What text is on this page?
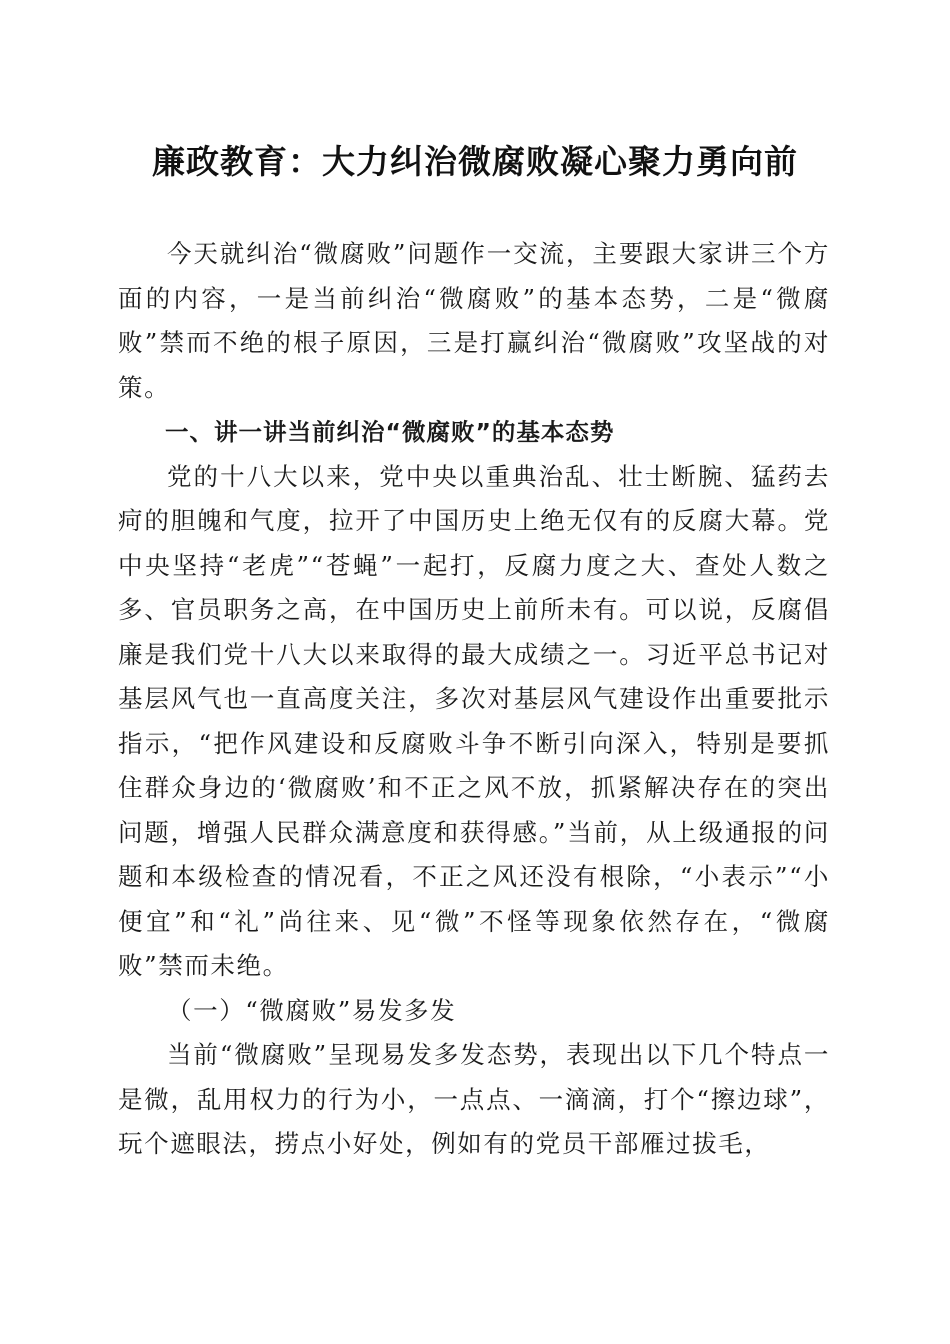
廉政教育：大力纠治微腐败凝心聚力勇向前

今天就纠治“微腐败”问题作一交流，主要跟大家讲三个方面的内容，一是当前纠治“微腐败”的基本态势，二是“微腐败”禁而不绝的根子原因，三是打赢纠治“微腐败”攻坚战的对策。

一、讲一讲当前纠治“微腐败”的基本态势

党的十八大以来，党中央以重典治乱、壮士断腕、猛药去疴的胆魄和气度，拉开了中国历史上绝无仅有的反腐大幕。党中央坚持“老虎”“苍蝇”一起打，反腐力度之大、查处人数之多、官员职务之高，在中国历史上前所未有。可以说，反腐倡廉是我们党十八大以来取得的最大成绩之一。习近平总书记对基层风气也一直高度关注，多次对基层风气建设作出重要批示指示，“把作风建设和反腐败斗争不断引向深入，特别是要抓住群众身边的‘微腐败’和不正之风不放，抓紧解决存在的突出问题，增强人民群众满意度和获得感。”当前，从上级通报的问题和本级检查的情况看，不正之风还没有根除，“小表示”“小便宜”和“礼”尚往来、见“微”不怪等现象依然存在，“微腐败”禁而未绝。

（一）“微腐败”易发多发

当前“微腐败”呈现易发多发态势，表现出以下几个特点一是微，乱用权力的行为小，一点点、一滴滴，打个“擦边球”，玩个遮眼法，捞点小好处，例如有的党员干部雁过拔毛，
